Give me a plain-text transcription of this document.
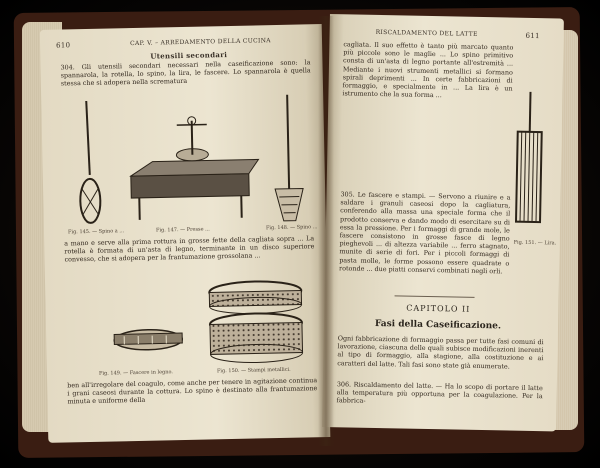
610	CAP. V. – ARREDAMENTO DELLA CUCINA
Utensili secondari
304. Gli utensili secondari necessari nella caseificazione sono: la spannarola, la rotella, lo spino, la lira, le fascere. Lo spannarola è quella stessa che si adopera nella scrematura
Fig. 145. — Spino a ...	Fig. 147. — Presse ...	Fig. 148. — Spino ...
a mano e serve alla prima rottura in grosse fette della cagliata sopra ... La rotella è formata di un'asta di legno, terminante in un disco superiore convesso, che si adopera per la frantumazione grossolana ...
Fig. 149. — Fascere in legno.	Fig. 150. — Stampi metallici.
ben all'irregolare del coagulo, come anche per tenere in agitazione continua i grani caseosi durante la cottura. Lo spino è destinato alla frantumazione minuta e uniforme della
RISCALDAMENTO DEL LATTE	611
cagliata. Il suo effetto è tanto più marcato quanto più piccole sono le maglie ... Lo spino primitivo consta di un'asta di legno portante all'estremità ... Mediante i nuovi strumenti metallici si formano spirali deprimenti ... In certe fabbricazioni di formaggio, e specialmente in ... La lira è un istrumento che la sua forma ...
Fig. 151. — Lira.
305. Le fascere e stampi. — Servono a riunire e a saldare i granuli caseosi dopo la cagliatura, conferendo alla massa una speciale forma che il prodotto conserva e dando modo di esercitare su di essa la pressione. Per i formaggi di grande mole, le fascere consistono in grosse fasce di legno pieghevoli ... di altezza variabile ... ferro stagnato, munite di serie di fori. Per i piccoli formaggi di pasta molle, le forme possono essere quadrate o rotonde ... due piatti conservi combinati negli orli.
CAPITOLO II
Fasi della Caseificazione.
Ogni fabbricazione di formaggio passa per tutte fasi comuni di lavorazione, ciascuna delle quali subisce modificazioni inerenti al tipo di formaggio, alla stagione, alla costituzione e ai caratteri del latte. Tali fasi sono state già enumerate.
306. Riscaldamento del latte. — Ha lo scopo di portare il latte alla temperatura più opportuna per la coagulazione. Per la fabbrica-
